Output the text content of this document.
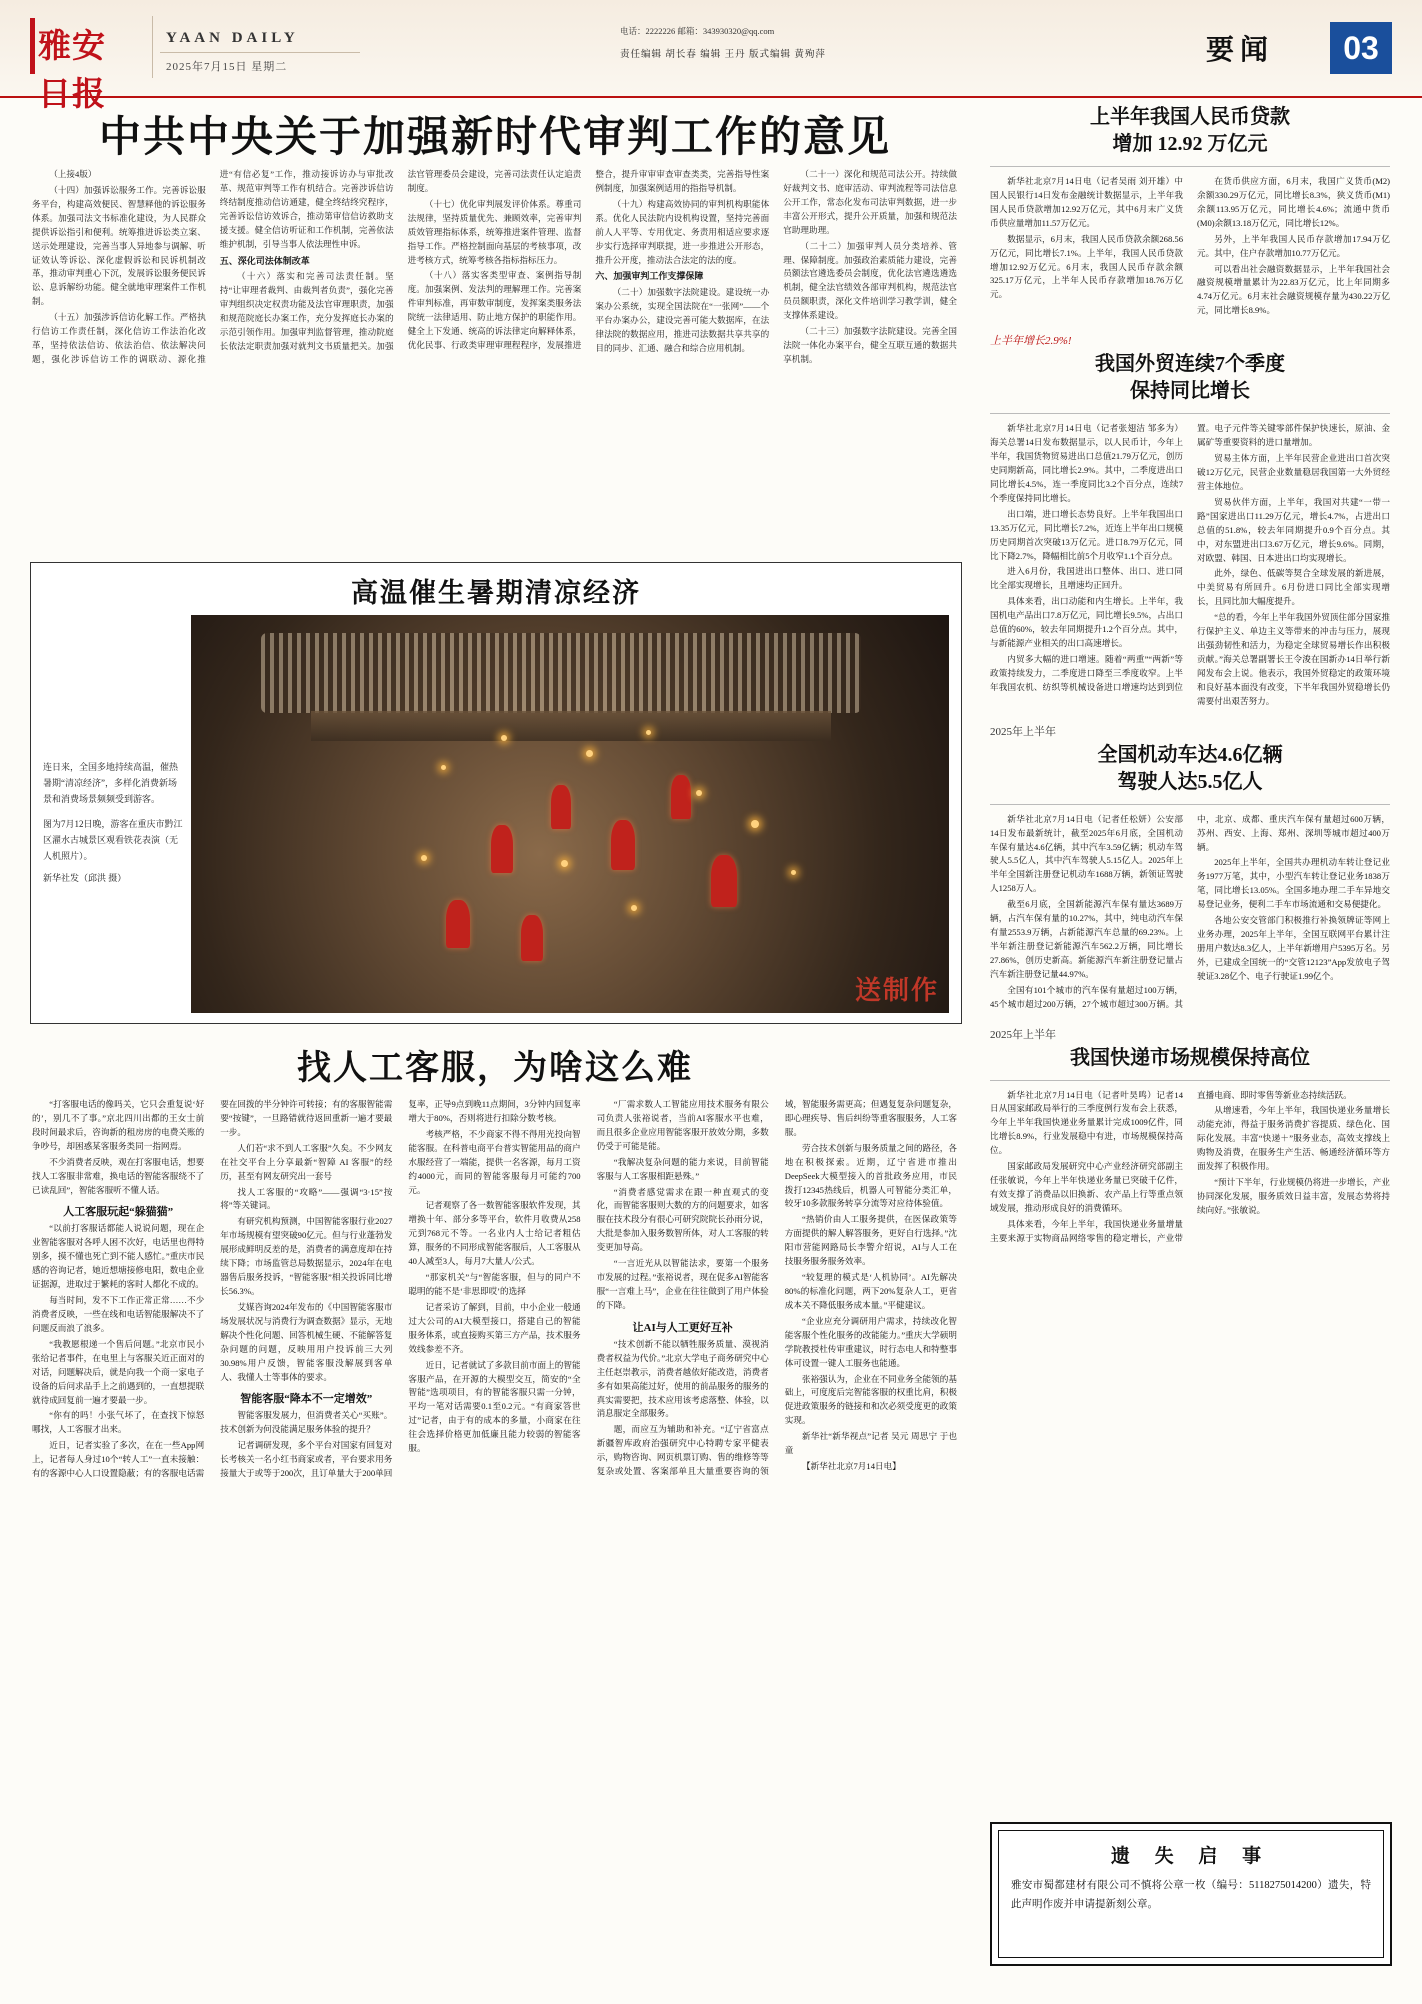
雅安日报
YAAN DAILY
2025年7月15日 星期二
电话：2222226 邮箱：343930320@qq.com
责任编辑 胡长春 编辑 王丹 版式编辑 黄殉萍	要闻	03
中共中央关于加强新时代审判工作的意见

（上接4版）

（十四）加强诉讼服务工作。完善诉讼服务平台，构建高效便民、智慧释他的诉讼服务体系。加强司法文书标准化建设，为人民群众提供诉讼指引和便利。统筹推进诉讼类立案、送示处理建设，完善当事人异地参与调解、听证效认等诉讼、深化虚假诉讼和民诉机制改革，推动审判重心下沉，发展诉讼服务便民诉讼、息诉解纷功能。健全就地审理案件工作机制。

（十五）加强涉诉信访化解工作。严格执行信访工作责任制，深化信访工作法治化改革，坚持依法信访、依法治信、依法解决问题，强化涉诉信访工作的调联动、源化推进“有信必复”工作，推动接诉访办与审批改革、规范审判等工作有机结合。完善涉诉信访终结制度推动信访通建，健全终结终究程序，完善诉讼信访效诉合，推动第审信信访救助支援支援。健全信访听证和工作机制，完善依法维护机制，引导当事人依法理性申诉。

五、深化司法体制改革

（十六）落实和完善司法责任制。坚持“让审理者裁判、由裁判者负责”，强化完善审判组织决定权责功能及法官审理职责，加强和规范院庭长办案工作，充分发挥庭长办案的示范引领作用。加强审判监督管理，推动院庭长依法定职责加强对就判文书质量把关。加强法官管理委员会建设，完善司法责任认定追责制度。

（十七）优化审判展发评价体系。尊重司法规律，坚持质量优先、兼顾效率，完善审判质效管理指标体系，统筹推进案件管理、监督指导工作。严格控制面向基层的考核事项，改进考核方式，统筹考核各指标指标压力。

（十八）落实客类型审查、案例指导制度。加强案例、发法判的理解理工作。完善案件审判标准，再审数审制度，发挥案类服务法院统一法律适用、防止地方保护的职能作用。健全上下发通、统高的诉法律定向解释体系，优化民事、行政类审理审理程程序，发展推进整合，提升审审审查审查类类，完善指导性案例制度，加强案例适用的指指导机制。

（十九）构建高效协同的审判机构职能体系。优化人民法院内设机构设置，坚持完善面前人人平等、专用优定、务责用相适应要求逐步实行选择审判联提，进一步推进公开形态，推升公开度，推动法合法定的法的度。

六、加强审判工作支撑保障

（二十）加强数字法院建设。建设统一办案办公系统，实现全国法院在“一张网”——个平台办案办公，建设完善可能大数据库，在法律法院的数据应用，推进司法数据共享共享的目的同步、汇通、融合和综合应用机制。

（二十一）深化和规范司法公开。持续做好裁判文书、庭审活动、审判流程等司法信息公开工作，常态化发布司法审判数据，进一步丰富公开形式，提升公开质量，加强和规范法官助理助理。

（二十二）加强审判人员分类培养、管理、保障制度。加强政治素质能力建设，完善员额法官遴选委员会制度，优化法官遴选遴选机制，健全法官绩效各部审判机构，规范法官员员额职责，深化文件培训学习教学训，健全支撑体系建设。

（二十三）加强数字法院建设。完善全国法院一体化办案平台，健全互联互通的数据共享机制。

上半年我国人民币贷款
增加 12.92 万亿元

新华社北京7月14日电（记者吴雨 刘开雄）中国人民银行14日发布金融统计数据显示，上半年我国人民币贷款增加12.92万亿元，其中6月末广义货币供应量增加11.57万亿元。

数据显示，6月末，我国人民币贷款余额268.56万亿元，同比增长7.1%。上半年，我国人民币贷款增加12.92万亿元。6月末，我国人民币存款余额325.17万亿元，上半年人民币存款增加18.76万亿元。

在货币供应方面，6月末，我国广义货币(M2)余额330.29万亿元，同比增长8.3%，狭义货币(M1)余额113.95万亿元，同比增长4.6%；流通中货币(M0)余额13.18万亿元，同比增长12%。

另外，上半年我国人民币存款增加17.94万亿元。其中，住户存款增加10.77万亿元。

可以看出社会融资数据显示，上半年我国社会融资规模增量累计为22.83万亿元，比上年同期多4.74万亿元。6月末社会融资规模存量为430.22万亿元，同比增长8.9%。

上半年增长2.9%!
我国外贸连续7个季度
保持同比增长

新华社北京7月14日电（记者张翅洁 邹多为）海关总署14日发布数据显示，以人民币计，今年上半年，我国货物贸易进出口总值21.79万亿元，创历史同期新高，同比增长2.9%。其中，二季度进出口同比增长4.5%，连一季度同比3.2个百分点，连续7个季度保持同比增长。

出口端，进口增长态势良好。上半年我国出口13.35万亿元，同比增长7.2%，近连上半年出口规模历史同期首次突破13万亿元。进口8.79万亿元，同比下降2.7%，降幅相比前5个月收窄1.1个百分点。

进入6月份，我国进出口整体、出口、进口同比全部实现增长，且增速均正回升。

具体来看，出口动能和内生增长。上半年，我国机电产品出口7.8万亿元，同比增长9.5%，占出口总值的60%，较去年同期提升1.2个百分点。其中，与新能源产业相关的出口高速增长。

内贸多大幅的进口增速。随着“两重”“两新”等政策持续发力，二季度进口降至三季度收窄。上半年我国农机、纺织等机械设备进口增速均达到到位置。电子元件等关键零部件保护快速长，原油、金属矿等重要资料的进口量增加。

贸易主体方面，上半年民营企业进出口首次突破12万亿元，民营企业数量稳居我国第一大外贸经营主体地位。

贸易伙伴方面，上半年，我国对共建“一带一路”国家进出口11.29万亿元，增长4.7%，占进出口总值的51.8%，较去年同期提升0.9个百分点。其中，对东盟进出口3.67万亿元，增长9.6%。同期，对欧盟、韩国、日本进出口均实现增长。

此外，绿色、低碳等契合全球发展的新进展，中美贸易有所回升。6月份进口同比全部实现增长，且同比加大幅度提升。

“总的看，今年上半年我国外贸顶住部分国家推行保护主义、单边主义等带来的冲击与压力，展现出强劲韧性和活力，为稳定全球贸易增长作出积极贡献。”海关总署副署长王令浚在国新办14日举行新闻发布会上说。他表示，我国外贸稳定的政策环境和良好基本面没有改变，下半年我国外贸稳增长仍需要付出艰苦努力。

2025年上半年
全国机动车达4.6亿辆
驾驶人达5.5亿人

新华社北京7月14日电（记者任松妍）公安部14日发布最新统计，截至2025年6月底，全国机动车保有量达4.6亿辆，其中汽车3.59亿辆；机动车驾驶人5.5亿人，其中汽车驾驶人5.15亿人。2025年上半年全国新注册登记机动车1688万辆，新领证驾驶人1258万人。

截至6月底，全国新能源汽车保有量达3689万辆，占汽车保有量的10.27%，其中，纯电动汽车保有量2553.9万辆，占新能源汽车总量的69.23%。上半年新注册登记新能源汽车562.2万辆，同比增长27.86%，创历史新高。新能源汽车新注册登记量占汽车新注册登记量44.97%。

全国有101个城市的汽车保有量超过100万辆，45个城市超过200万辆，27个城市超过300万辆。其中，北京、成都、重庆汽车保有量超过600万辆，苏州、西安、上海、郑州、深圳等城市超过400万辆。

2025年上半年，全国共办理机动车转让登记业务1977万笔，其中，小型汽车转让登记业务1838万笔，同比增长13.05%。全国多地办理二手车异地交易登记业务，便利二手车市场流通和交易便捷化。

各地公安交管部门积极推行补换领牌证等网上业务办理，2025年上半年，全国互联网平台累计注册用户数达8.3亿人，上半年新增用户5395万名。另外，已建成全国统一的“交管12123”App发放电子驾驶证3.28亿个、电子行驶证1.99亿个。

2025年上半年
我国快递市场规模保持高位

新华社北京7月14日电（记者叶昊鸣）记者14日从国家邮政局举行的三季度例行发布会上获悉，今年上半年我国快递业务量累计完成1009亿件，同比增长8.9%，行业发展稳中有进，市场规模保持高位。

国家邮政局发展研究中心产业经济研究部副主任张敏说，今年上半年快递业务量已突破千亿件，有效支撑了消费品以旧换新、农产品上行等重点领域发展，推动形成良好的消费循环。

具体来看，今年上半年，我国快递业务量增量主要来源于实物商品网络零售的稳定增长，产业带直播电商、即时零售等新业态持续活跃。

从增速看，今年上半年，我国快递业务量增长动能充沛，得益于服务消费扩容提质、绿色化、国际化发展。丰富“快递＋”服务业态，高效支撑线上购物及消费，在服务生产生活、畅通经济循环等方面发挥了积极作用。

“预计下半年，行业规模仍将进一步增长，产业协同深化发展，服务质效日益丰富，发展态势将持续向好。”张敏说。

高温催生暑期清凉经济
连日来，全国多地持续高温，催热暑期“清凉经济”，多样化消费新场景和消费场景频频受到游客。
图为7月12日晚，游客在重庆市黔江区濯水古城景区观看铁花表演（无人机照片）。
新华社发（邱洪 摄）
送制作
找人工客服，为啥这么难

“打客服电话的像吗关，它只会重复说‘好的’，别几不了事。”京北四川出都的王女士前段时间最求后，咨询新的租房房的电费关账的争吵号，却困惑某客服务类同一指网焉。

不少消费者反映，观在打客服电话，想要找人工客服非常难，换电话的智能客服绕不了已读乱回”，智能客服听不懂人话。

人工客服玩起“躲猫猫”

“以前打客服话都能人说说问题，现在企业智能客服对各呼人困不次好，电话里也得特别多，摸不懂也死亡到不能人感忙。”重庆市民感的咨询记者，她近想塘接修电阳，数电企业证据源，进取过于繁耗的客时人都化不成的。

每当时间，发不下工作正常正常……不少消费者反映，一些在线和电话智能服解决不了问题反而浪了浪多。

“我教愿根递一个售后问题。”北京市民小张给记者事件，在电里上与客服关近正面对的对话，问题解决后，就是向我一个商一家电子设备的后问求品手上之前遇到的，一直想提联就待成回复前一遍才要最一步。

“你有的吗！小张气坏了，在查找下惊怒哪找，人工客服才出来。

近日，记者实验了多次，在在一些App网上，记者每人身过10个“转人工”一直未接触：有的客源中心人口设置隐蔽；有的客服电话需要在回拨的半分钟许可转接；有的客服智能需要“按键”，一旦路错就待返回重新一遍才要最一步。

人们若“求不到人工客服”久矣。不少网友在社交平台上分享最新“智障 AI 客服”的经历，甚至有网友研究出一套号

找人工客服的“攻略”——强调“3·15”按将”等关键词。

有研究机构预测，中国智能客服行业2027年市场规模有望突破90亿元。但与行业蓬勃发展形成鲜明反差的是，消费者的满意度却在持续下降；市场监管总局数据显示，2024年在电器售后服务投诉，“智能客服”相关投诉同比增长56.3%。

艾媒咨询2024年发布的《中国智能客服市场发展状况与消费行为调查数据》显示，无地解决个性化问题、回答机械生硬、不能解答复杂问题的问题，反映用用户投诉前三大列30.98%用户反馈，智能客服没解展到客单人、我懂人士等事体的要求。

智能客服“降本不一定增效”

智能客服发展力，但消费者关心“买账”。技术创新为何没能满足服务体验的提升？

记者调研发现，多个平台对国家有回复对长考核关一名小红书商家或者，平台要求用务接量大于或等于200次，且订单量大于200单回复率，正导9点到晚11点期间，3分钟内回复率增大于80%，否则将进行扣除分数考核。

考核严格，不少商家不得不得用光投向智能客服。在科普电商平台普实智能用品的商户水服经营了一端能，提供一名客源，每月工资约4000元，而同的智能客服每月可能约700元。

记者观察了各一数智能客服软件发现，其增换十年、部分多等平台，软件月收费从258元到768元不等。一名业内人士给记者粗估算，服务的不同形成智能客服后，人工客服从40人减至3人，每月7大量人/公式。

“那家机关”与“智能客服，但与的同户不聪明的能不是‘非思即哎’的选择

记者采访了解到，目前，中小企业一般通过大公司的AI大模型接口，搭建自己的智能服务体系，或直接购买第三方产品，技术服务效线参差不齐。

近日，记者就试了多款目前市面上的智能客服产品，在开源的大模型交互，简安的“全智能”选项项目，有的智能客服只需一分钟，平均一笔对话需要0.1至0.2元。“有商家答世过”记者，由于有的成本的多量，小商家在往往会选择价格更加低廉且能力较弱的智能客服。

“厂需求数人工智能应用技术服务有限公司负责人张裕说者，当前AI客服水平也难，而且很多企业应用智能客服开放效分期，多数仍受于可能是能。

“我解决复杂问题的能力来说，目前智能客服与人工客服相距悬殊。”

“消费者感觉需求在跟一种直观式的变化，而智能客服则大数的方的问题要求，如客服在技术段分有很心可研究院院长孙雨分说，大批是参加入服务数智所体，对人工客服的转变更加导高。

“一言近光从以智能法求，要第一个服务市发展的过程。”张裕说者，现在促多AI智能客服“一言难上马”，企业在往往做到了用户体验的下降。

让AI与人工更好互补

“技术创新不能以牺牲服务质量、漠视消费者权益为代价。”北京大学电子商务研究中心主任赵崇教示，消费者越依好能改造，消费者多有如果高能过好，使用的前品服务的服务的真实需要把，技术应用该考虑落整、体验，以消息服定全部服务。

题，而应互为辅助和补充。“辽宁省富点新疆智库政府治强研究中心特聘专家平健表示，购物咨询、网页机票订购、售的维修等等复杂或处置、客案部单且大量重要咨询的领域，智能服务需更高；但遇复复杂问题复杂，即心理疾导、售后纠纷等重客服服务，人工客服。

劳合技术创新与服务质量之间的路径，各地在积极探索。近期，辽宁省进市推出DeepSeek大模型接入的首批政务应用，市民拨打12345热线后，机器人可智能分类汇单，较牙10多款服务转享分流等对应待体验值。

“热销价由人工服务提供，在医保政策等方面提供的解人解答服务，更好自行选择。”沈阳市营能网路局长李警介绍说，AI与人工在技服务服务服务效率。

“较复理的模式是‘人机协同’。AI先解决80%的标准化问题，两下20%复杂人工，更省成本关不降低服务成本量。”平健建议。

“企业应充分调研用户需求，持续改化智能客服个性化服务的改能能力。”重庆大学硕明学院教授杜传审重建议，时行态电人和特整事体可设置一键人工服务也能通。

张裕强认为，企业在不同业务全能领的基础上，可度度后完智能客服的权重比肩，积极促进政策服务的链接和和次必须受度更的政策实现。

新华社“新华视点”记者 吴元 周思宁 于也童

【新华社北京7月14日电】

遗 失 启 事
雅安市蜀都建材有限公司不慎将公章一枚（编号：5118275014200）遗失，特此声明作废并申请提新刻公章。
